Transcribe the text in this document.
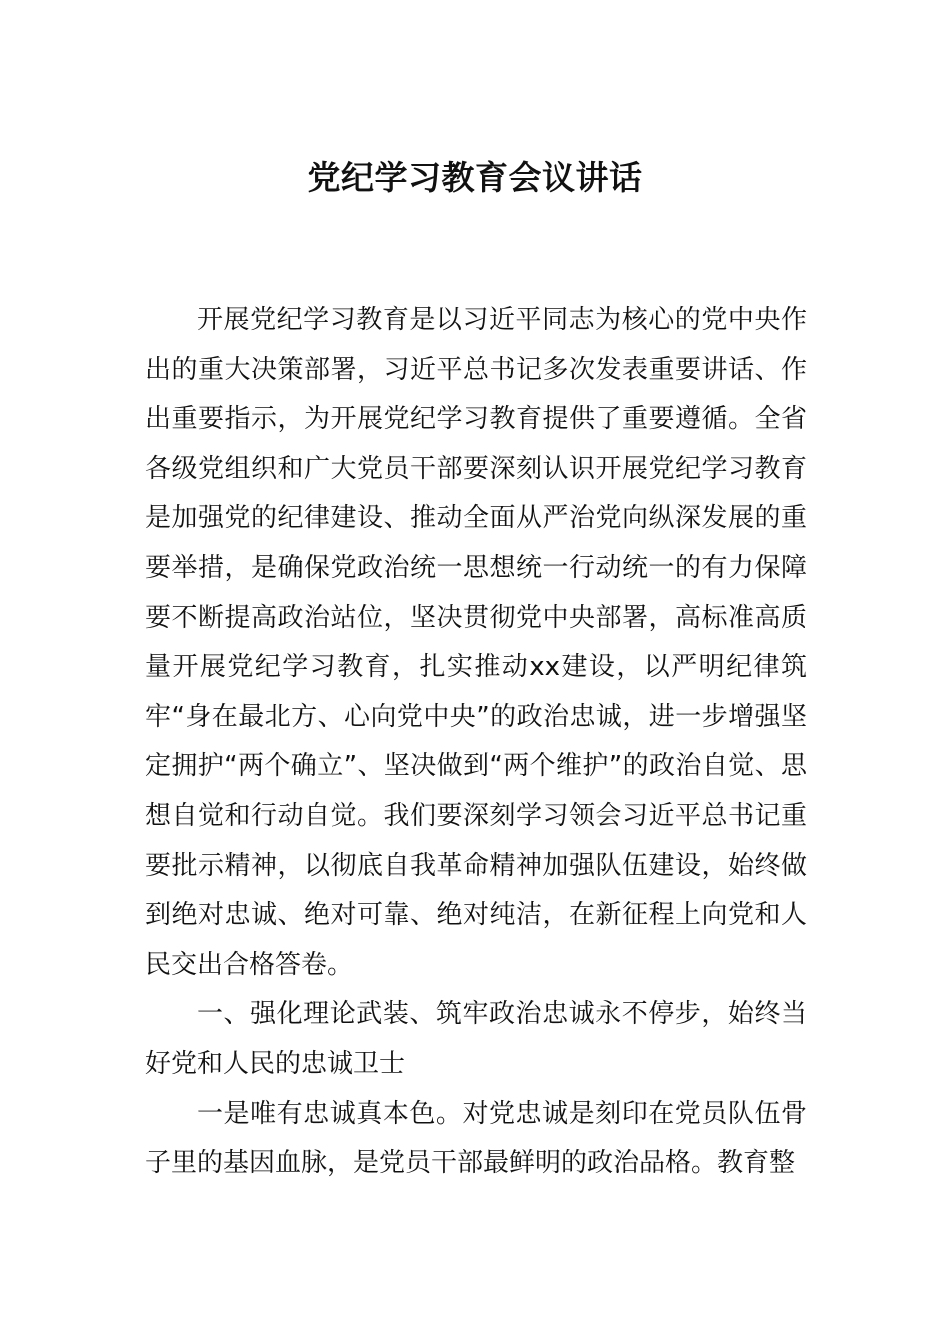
党纪学习教育会议讲话

开展党纪学习教育是以习近平同志为核心的党中央作出的重大决策部署，习近平总书记多次发表重要讲话、作出重要指示，为开展党纪学习教育提供了重要遵循。全省各级党组织和广大党员干部要深刻认识开展党纪学习教育是加强党的纪律建设、推动全面从严治党向纵深发展的重要举措，是确保党政治统一思想统一行动统一的有力保障要不断提高政治站位，坚决贯彻党中央部署，高标准高质量开展党纪学习教育，扎实推动xx建设，以严明纪律筑牢“身在最北方、心向党中央”的政治忠诚，进一步增强坚定拥护“两个确立”、坚决做到“两个维护”的政治自觉、思想自觉和行动自觉。我们要深刻学习领会习近平总书记重要批示精神，以彻底自我革命精神加强队伍建设，始终做到绝对忠诚、绝对可靠、绝对纯洁，在新征程上向党和人民交出合格答卷。

一、强化理论武装、筑牢政治忠诚永不停步，始终当好党和人民的忠诚卫士

一是唯有忠诚真本色。对党忠诚是刻印在党员队伍骨子里的基因血脉，是党员干部最鲜明的政治品格。教育整
